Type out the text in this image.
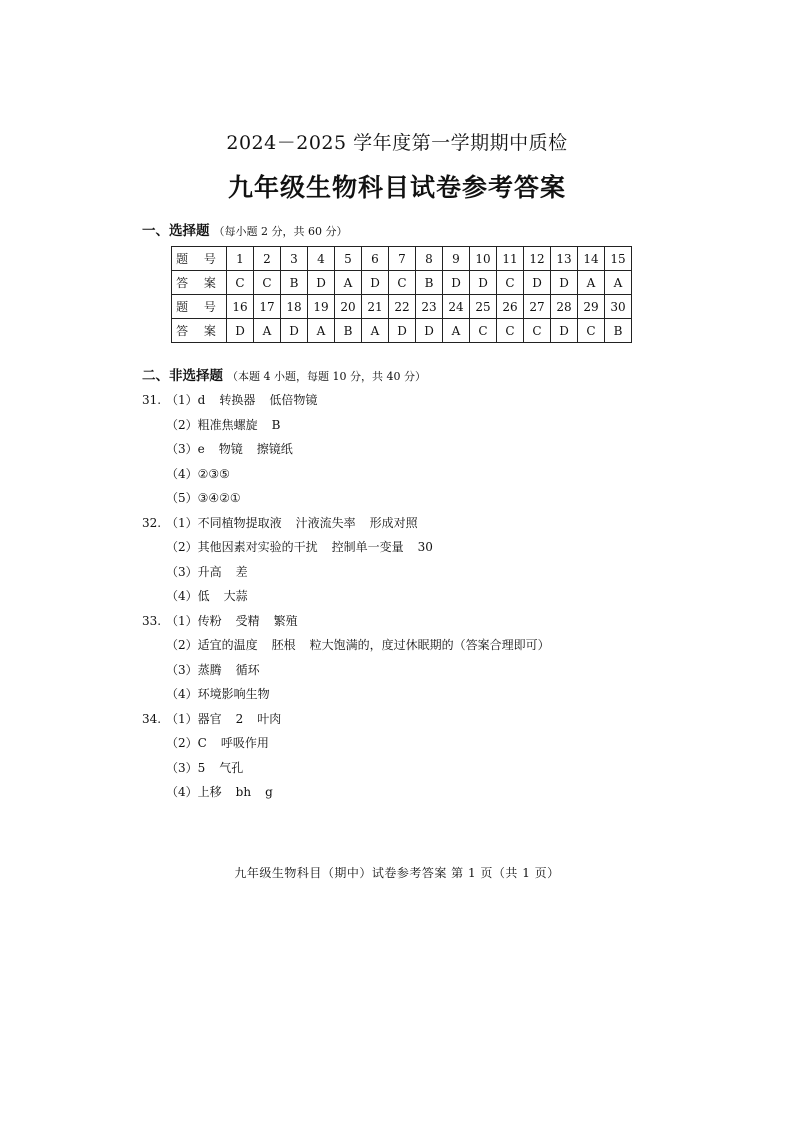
2024－2025 学年度第一学期期中质检
九年级生物科目试卷参考答案
一、选择题 （每小题 2 分，共 60 分）
题 号	1	2	3	4	5	6	7	8	9	10	11	12	13	14	15
答 案	C	C	B	D	A	D	C	B	D	D	C	D	D	A	A
题 号	16	17	18	19	20	21	22	23	24	25	26	27	28	29	30
答 案	D	A	D	A	B	A	D	D	A	C	C	C	D	C	B
二、非选择题 （本题 4 小题，每题 10 分，共 40 分）
31. （1）d 转换器 低倍物镜
（2）粗准焦螺旋 B
（3）e 物镜 擦镜纸
（4）②③⑤
（5）③④②①
32. （1）不同植物提取液 汁液流失率 形成对照
（2）其他因素对实验的干扰 控制单一变量 30
（3）升高 差
（4）低 大蒜
33. （1）传粉 受精 繁殖
（2）适宜的温度 胚根 粒大饱满的，度过休眠期的（答案合理即可）
（3）蒸腾 循环
（4）环境影响生物
34. （1）器官 2 叶肉
（2）C 呼吸作用
（3）5 气孔
（4）上移 bh g
九年级生物科目（期中）试卷参考答案 第 1 页（共 1 页）
